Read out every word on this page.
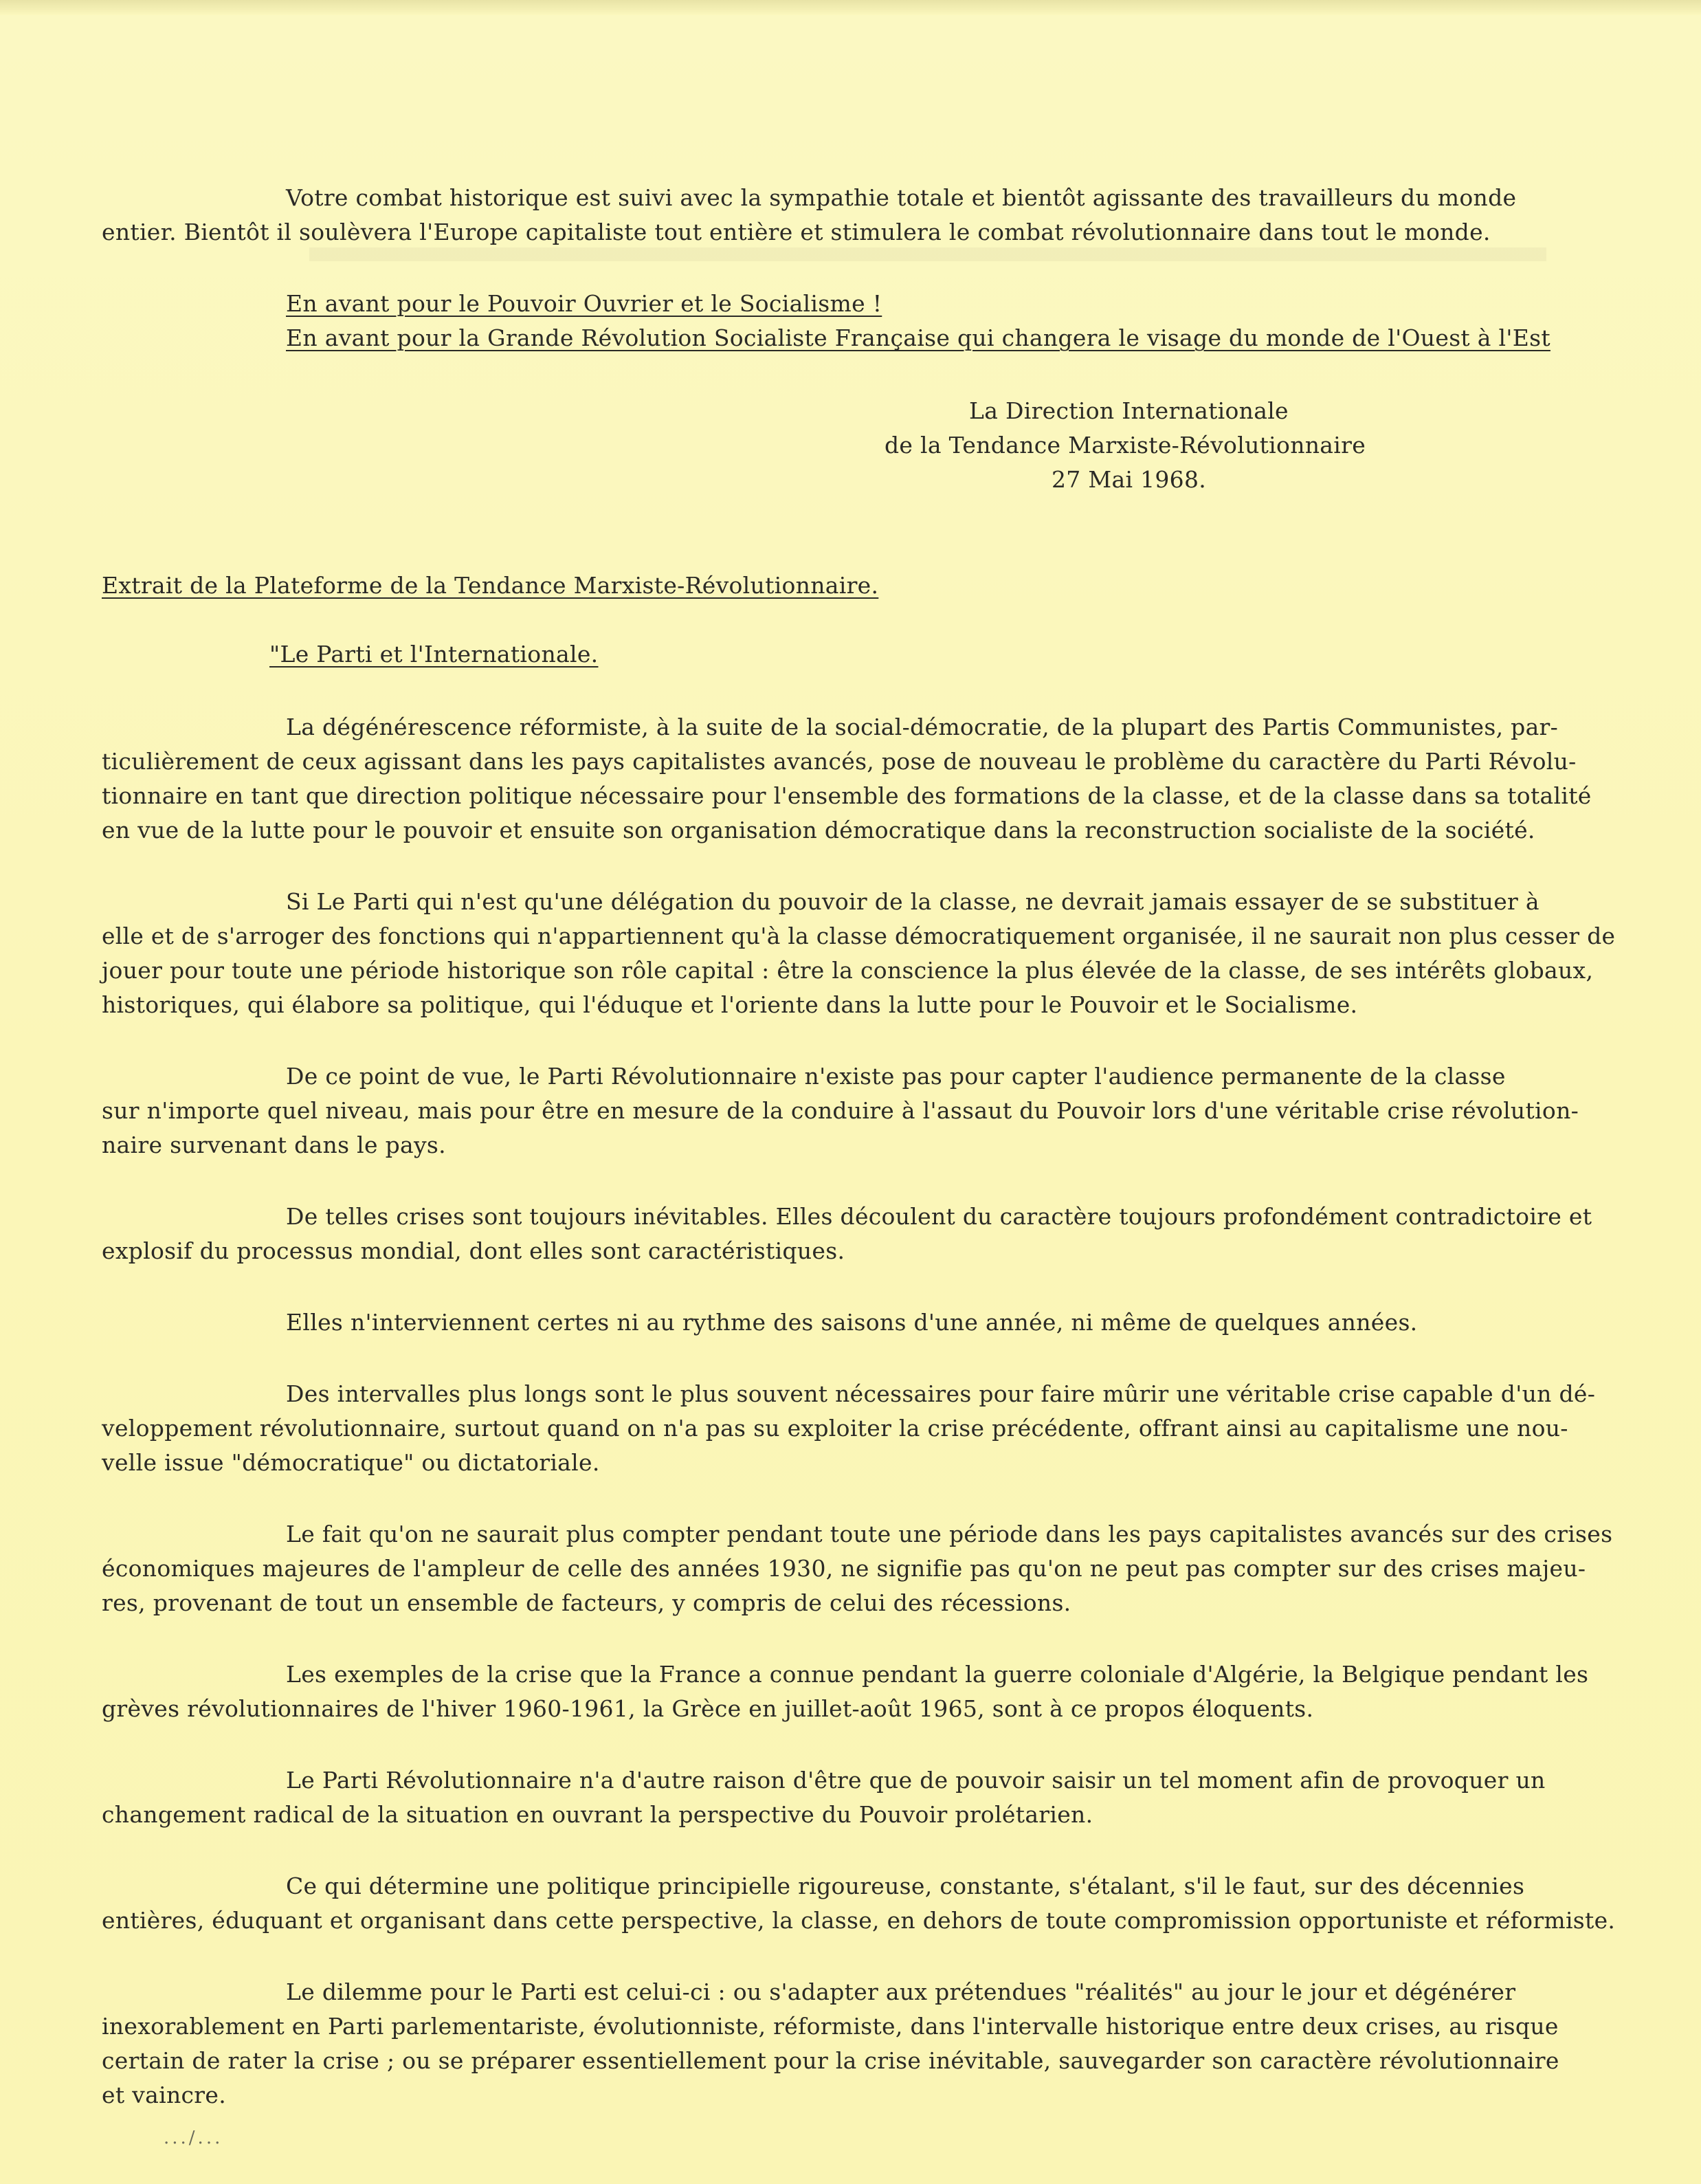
Votre combat historique est suivi avec la sympathie totale et bientôt agissante des travailleurs du monde
entier. Bientôt il soulèvera l'Europe capitaliste tout entière et stimulera le combat révolutionnaire dans tout le monde.
En avant pour le Pouvoir Ouvrier et le Socialisme !
En avant pour la Grande Révolution Socialiste Française qui changera le visage du monde de l'Ouest à l'Est
La Direction Internationale
de la Tendance Marxiste-Révolutionnaire
27 Mai 1968.
Extrait de la Plateforme de la Tendance Marxiste-Révolutionnaire.
"Le Parti et l'Internationale.
La dégénérescence réformiste, à la suite de la social-démocratie, de la plupart des Partis Communistes, par-
ticulièrement de ceux agissant dans les pays capitalistes avancés, pose de nouveau le problème du caractère du Parti Révolu-
tionnaire en tant que direction politique nécessaire pour l'ensemble des formations de la classe, et de la classe dans sa totalité
en vue de la lutte pour le pouvoir et ensuite son organisation démocratique dans la reconstruction socialiste de la société.
Si Le Parti qui n'est qu'une délégation du pouvoir de la classe, ne devrait jamais essayer de se substituer à
elle et de s'arroger des fonctions qui n'appartiennent qu'à la classe démocratiquement organisée, il ne saurait non plus cesser de
jouer pour toute une période historique son rôle capital : être la conscience la plus élevée de la classe, de ses intérêts globaux,
historiques, qui élabore sa politique, qui l'éduque et l'oriente dans la lutte pour le Pouvoir et le Socialisme.
De ce point de vue, le Parti Révolutionnaire n'existe pas pour capter l'audience permanente de la classe
sur n'importe quel niveau, mais pour être en mesure de la conduire à l'assaut du Pouvoir lors d'une véritable crise révolution-
naire survenant dans le pays.
De telles crises sont toujours inévitables. Elles découlent du caractère toujours profondément contradictoire et
explosif du processus mondial, dont elles sont caractéristiques.
Elles n'interviennent certes ni au rythme des saisons d'une année, ni même de quelques années.
Des intervalles plus longs sont le plus souvent nécessaires pour faire mûrir une véritable crise capable d'un dé-
veloppement révolutionnaire, surtout quand on n'a pas su exploiter la crise précédente, offrant ainsi au capitalisme une nou-
velle issue "démocratique" ou dictatoriale.
Le fait qu'on ne saurait plus compter pendant toute une période dans les pays capitalistes avancés sur des crises
économiques majeures de l'ampleur de celle des années 1930, ne signifie pas qu'on ne peut pas compter sur des crises majeu-
res, provenant de tout un ensemble de facteurs, y compris de celui des récessions.
Les exemples de la crise que la France a connue pendant la guerre coloniale d'Algérie, la Belgique pendant les
grèves révolutionnaires de l'hiver 1960-1961, la Grèce en juillet-août 1965, sont à ce propos éloquents.
Le Parti Révolutionnaire n'a d'autre raison d'être que de pouvoir saisir un tel moment afin de provoquer un
changement radical de la situation en ouvrant la perspective du Pouvoir prolétarien.
Ce qui détermine une politique principielle rigoureuse, constante, s'étalant, s'il le faut, sur des décennies
entières, éduquant et organisant dans cette perspective, la classe, en dehors de toute compromission opportuniste et réformiste.
Le dilemme pour le Parti est celui-ci : ou s'adapter aux prétendues "réalités" au jour le jour et dégénérer
inexorablement en Parti parlementariste, évolutionniste, réformiste, dans l'intervalle historique entre deux crises, au risque
certain de rater la crise ; ou se préparer essentiellement pour la crise inévitable, sauvegarder son caractère révolutionnaire
et vaincre.
.../...
